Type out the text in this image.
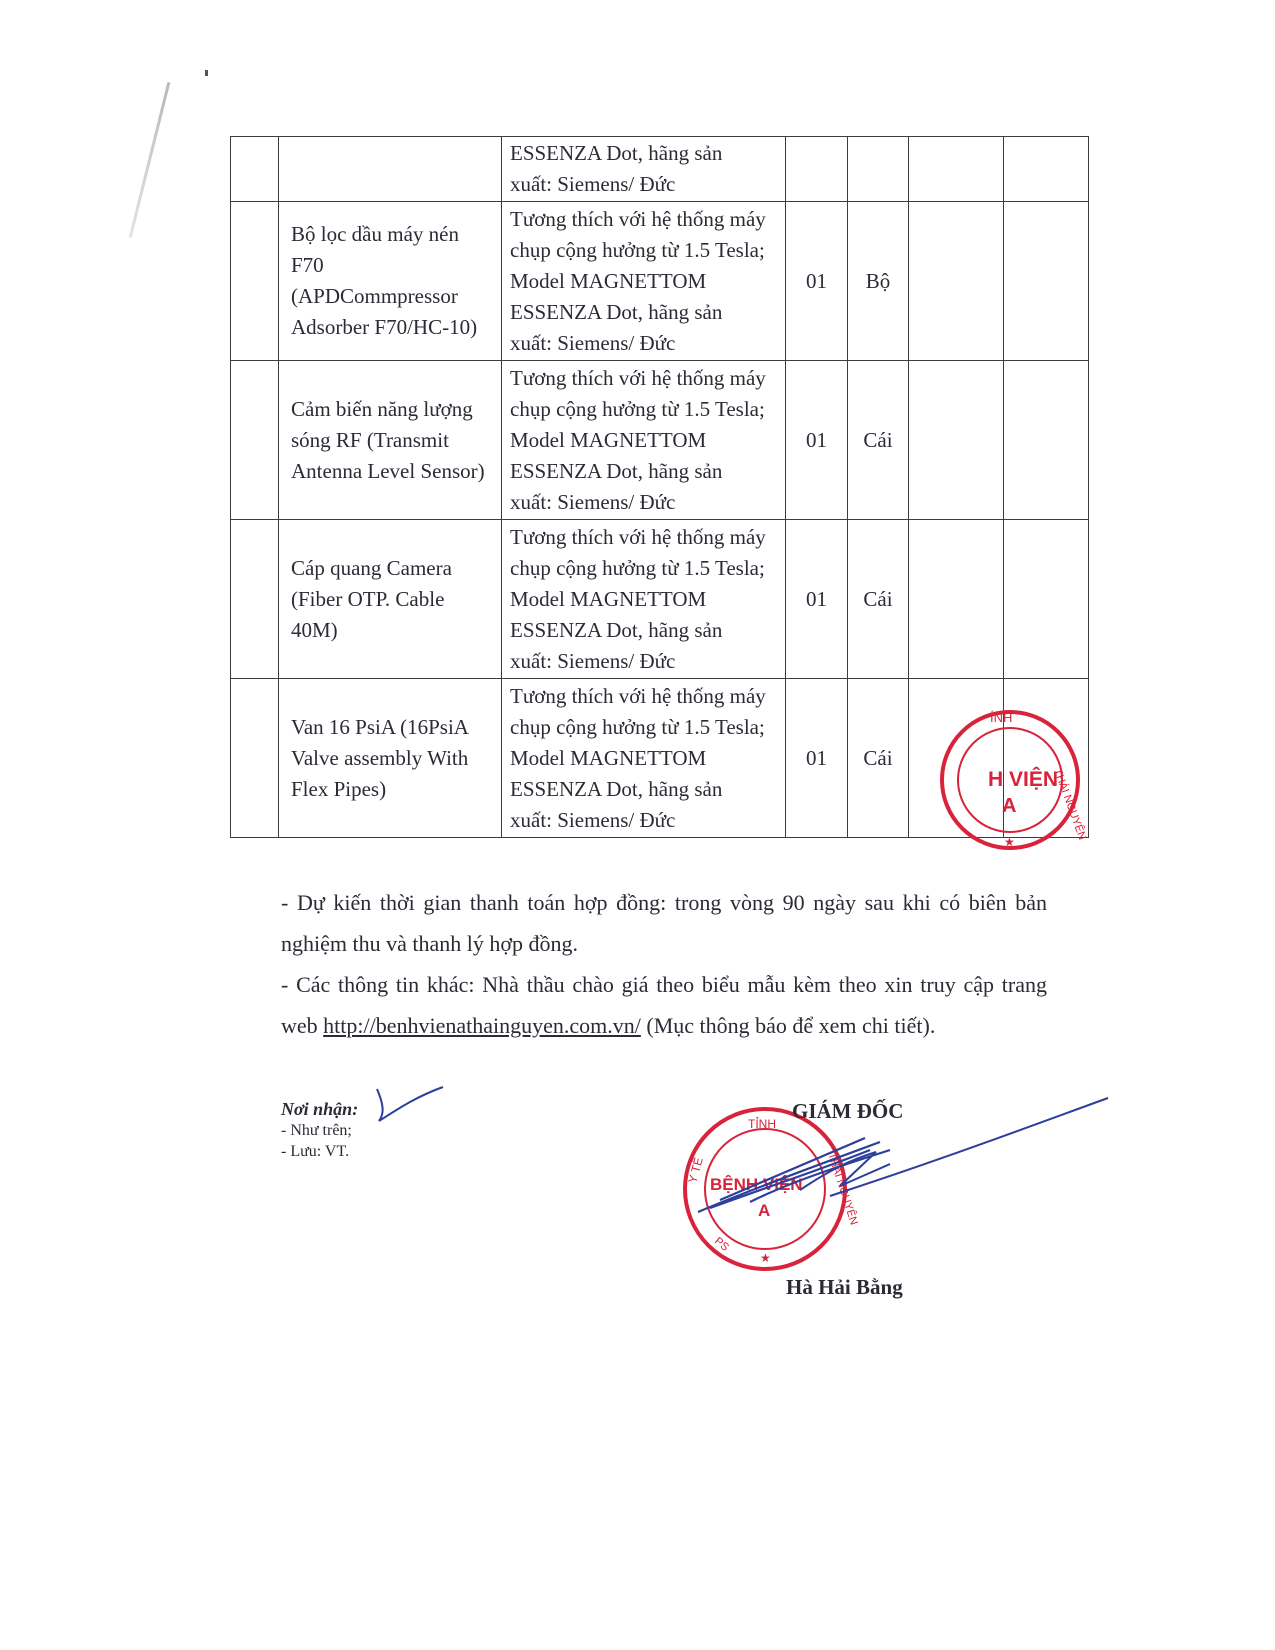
		ESSENZA Dot, hãng sản
xuất: Siemens/ Đức				

	Bộ lọc dầu máy nén F70 (APDCommpressor Adsorber F70/HC-10)	Tương thích với hệ thống máy
chụp cộng hưởng từ 1.5 Tesla;
Model MAGNETTOM
ESSENZA Dot, hãng sản
xuất: Siemens/ Đức	01	Bộ		
	Cảm biến năng lượng sóng RF (Transmit Antenna Level Sensor)	Tương thích với hệ thống máy
chụp cộng hưởng từ 1.5 Tesla;
Model MAGNETTOM
ESSENZA Dot, hãng sản
xuất: Siemens/ Đức	01	Cái		
	Cáp quang Camera (Fiber OTP. Cable 40M)	Tương thích với hệ thống máy
chụp cộng hưởng từ 1.5 Tesla;
Model MAGNETTOM
ESSENZA Dot, hãng sản
xuất: Siemens/ Đức	01	Cái		
	Van 16 PsiA (16PsiA Valve assembly With Flex Pipes)	Tương thích với hệ thống máy
chụp cộng hưởng từ 1.5 Tesla;
Model MAGNETTOM
ESSENZA Dot, hãng sản
xuất: Siemens/ Đức	01	Cái		
ÍNH
H VIỆN
A	THÁI NGUYÊN
★

- Dự kiến thời gian thanh toán hợp đồng: trong vòng 90 ngày sau khi có biên bản nghiệm thu và thanh lý hợp đồng.

- Các thông tin khác: Nhà thầu chào giá theo biểu mẫu kèm theo xin truy cập trang web http://benhvienathainguyen.com.vn/ (Mục thông báo để xem chi tiết).

Nơi nhận:
- Như trên;
- Lưu: VT.
TỈNH
Y TẾ	THÁI NGUYÊN
BỆNH VIỆN
A
PS
★
GIÁM ĐỐC
Hà Hải Bằng
